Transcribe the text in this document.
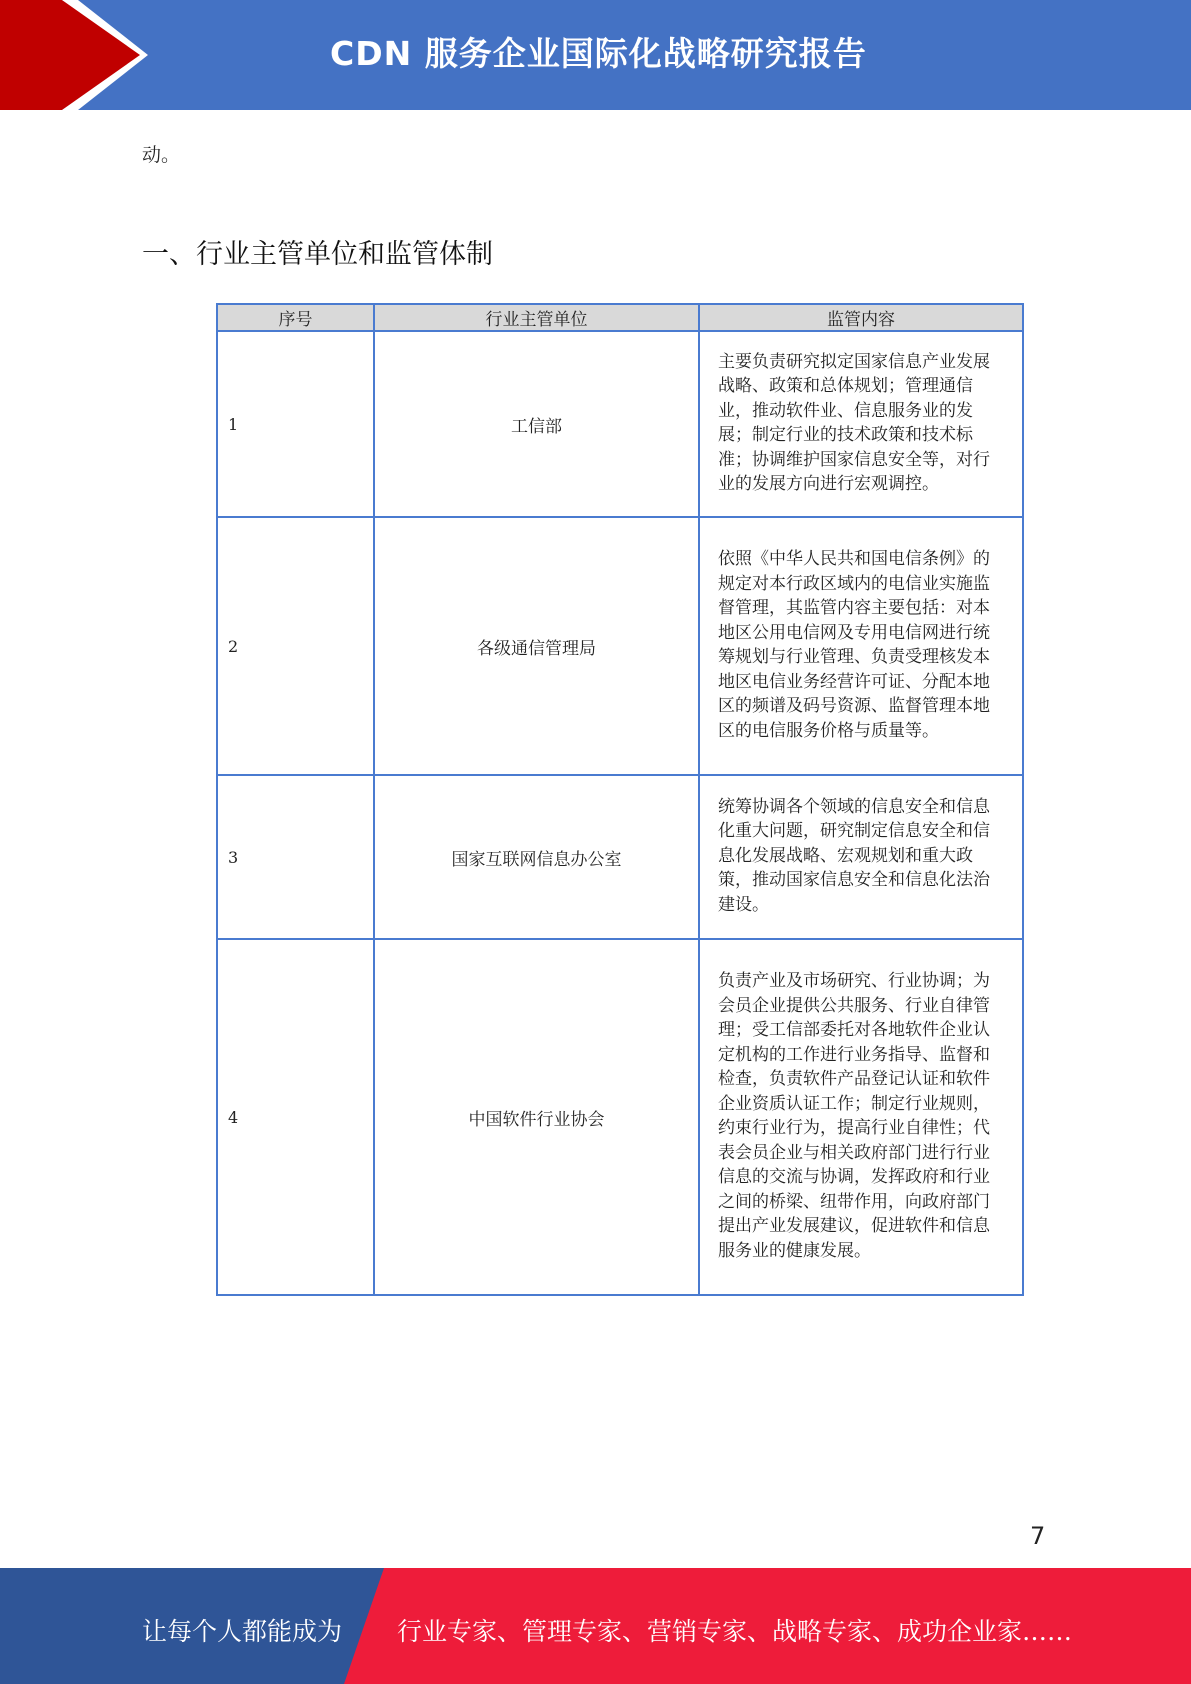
CDN 服务企业国际化战略研究报告
动。
一、行业主管单位和监管体制
序号	行业主管单位	监管内容
1	工信部	主要负责研究拟定国家信息产业发展战略、政策和总体规划；管理通信业，推动软件业、信息服务业的发展；制定行业的技术政策和技术标准；协调维护国家信息安全等，对行业的发展方向进行宏观调控。
2	各级通信管理局	依照《中华人民共和国电信条例》的规定对本行政区域内的电信业实施监督管理，其监管内容主要包括：对本地区公用电信网及专用电信网进行统筹规划与行业管理、负责受理核发本地区电信业务经营许可证、分配本地区的频谱及码号资源、监督管理本地区的电信服务价格与质量等。
3	国家互联网信息办公室	统筹协调各个领域的信息安全和信息化重大问题，研究制定信息安全和信息化发展战略、宏观规划和重大政策，推动国家信息安全和信息化法治建设。
4	中国软件行业协会	负责产业及市场研究、行业协调；为会员企业提供公共服务、行业自律管理；受工信部委托对各地软件企业认定机构的工作进行业务指导、监督和检查，负责软件产品登记认证和软件企业资质认证工作；制定行业规则，约束行业行为，提高行业自律性；代表会员企业与相关政府部门进行行业信息的交流与协调，发挥政府和行业之间的桥梁、纽带作用，向政府部门提出产业发展建议，促进软件和信息服务业的健康发展。
7
让每个人都能成为 行业专家、管理专家、营销专家、战略专家、成功企业家……
